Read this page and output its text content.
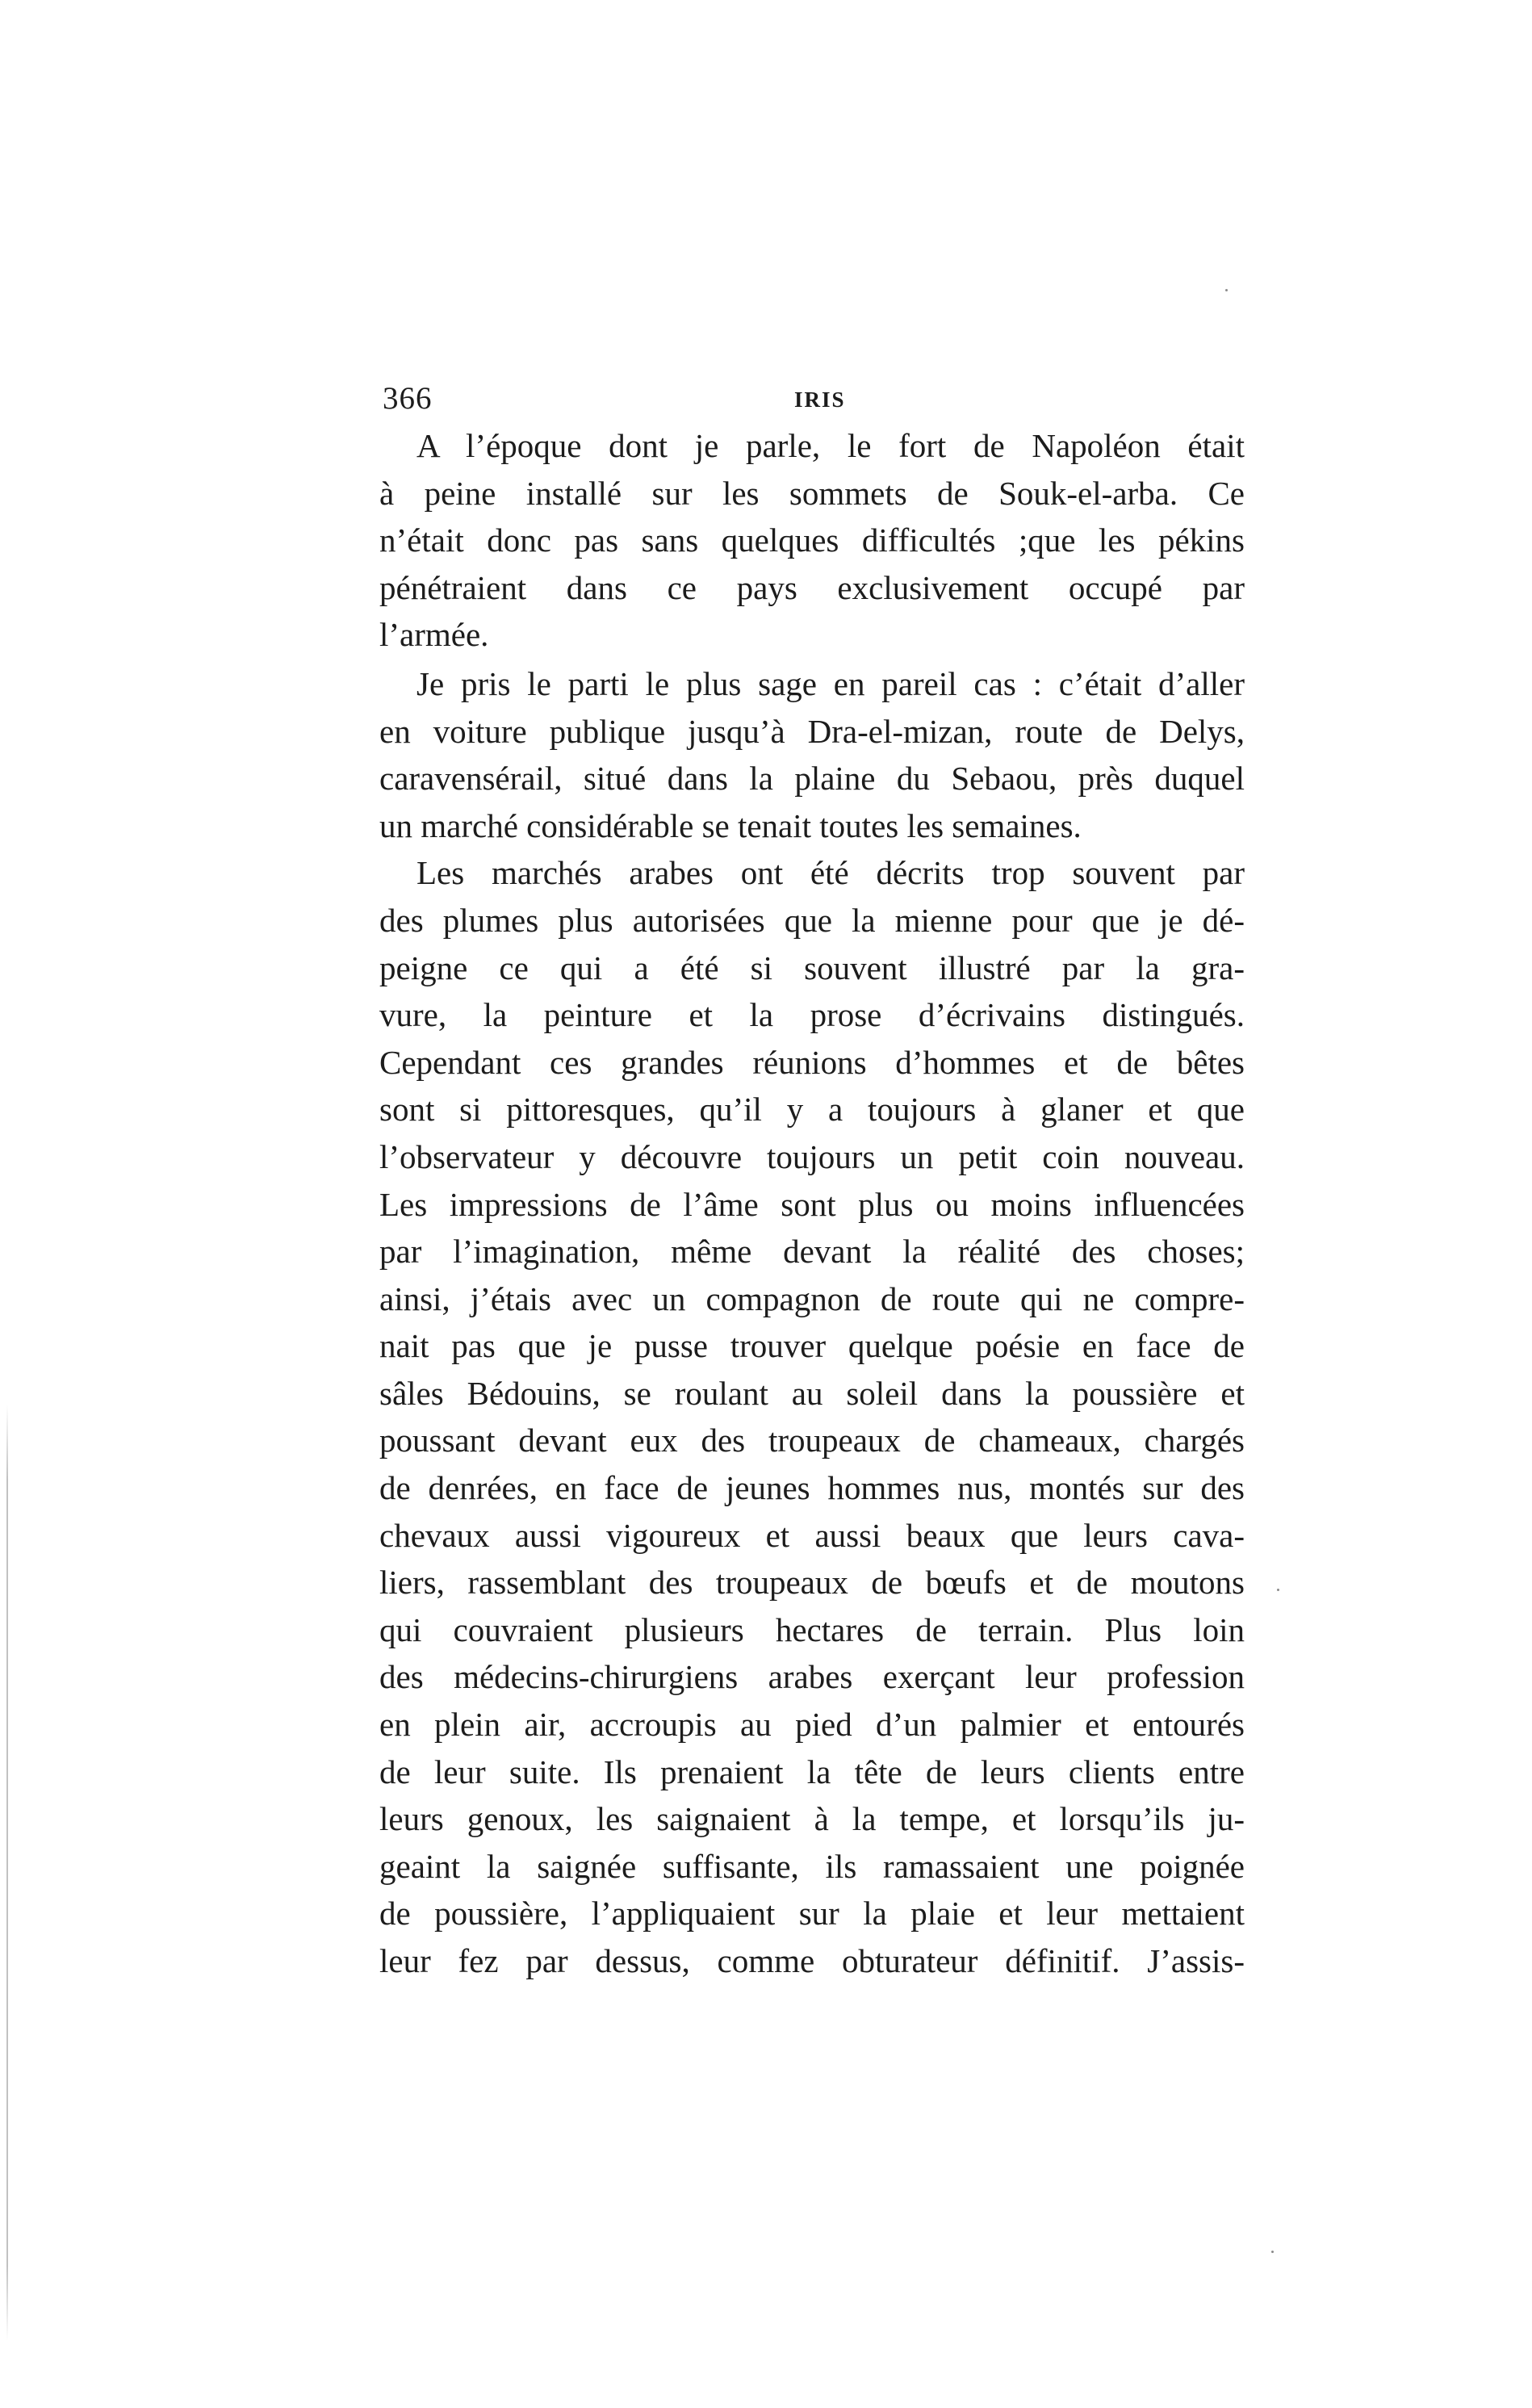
366	IRIS
A l’époque dont je parle, le fort de Napoléon était
à peine installé sur les sommets de Souk-el-arba. Ce
n’était donc pas sans quelques difficultés ;que les pékins
pénétraient dans ce pays exclusivement occupé par
l’armée.
Je pris le parti le plus sage en pareil cas : c’était d’aller
en voiture publique jusqu’à Dra-el-mizan, route de Delys,
caravensérail, situé dans la plaine du Sebaou, près duquel
un marché considérable se tenait toutes les semaines.
Les marchés arabes ont été décrits trop souvent par
des plumes plus autorisées que la mienne pour que je dé-
peigne ce qui a été si souvent illustré par la gra-
vure, la peinture et la prose d’écrivains distingués.
Cependant ces grandes réunions d’hommes et de bêtes
sont si pittoresques, qu’il y a toujours à glaner et que
l’observateur y découvre toujours un petit coin nouveau.
Les impressions de l’âme sont plus ou moins influencées
par l’imagination, même devant la réalité des choses;
ainsi, j’étais avec un compagnon de route qui ne compre-
nait pas que je pusse trouver quelque poésie en face de
sâles Bédouins, se roulant au soleil dans la poussière et
poussant devant eux des troupeaux de chameaux, chargés
de denrées, en face de jeunes hommes nus, montés sur des
chevaux aussi vigoureux et aussi beaux que leurs cava-
liers, rassemblant des troupeaux de bœufs et de moutons
qui couvraient plusieurs hectares de terrain. Plus loin
des médecins-chirurgiens arabes exerçant leur profession
en plein air, accroupis au pied d’un palmier et entourés
de leur suite. Ils prenaient la tête de leurs clients entre
leurs genoux, les saignaient à la tempe, et lorsqu’ils ju-
geaint la saignée suffisante, ils ramassaient une poignée
de poussière, l’appliquaient sur la plaie et leur mettaient
leur fez par dessus, comme obturateur définitif. J’assis-
